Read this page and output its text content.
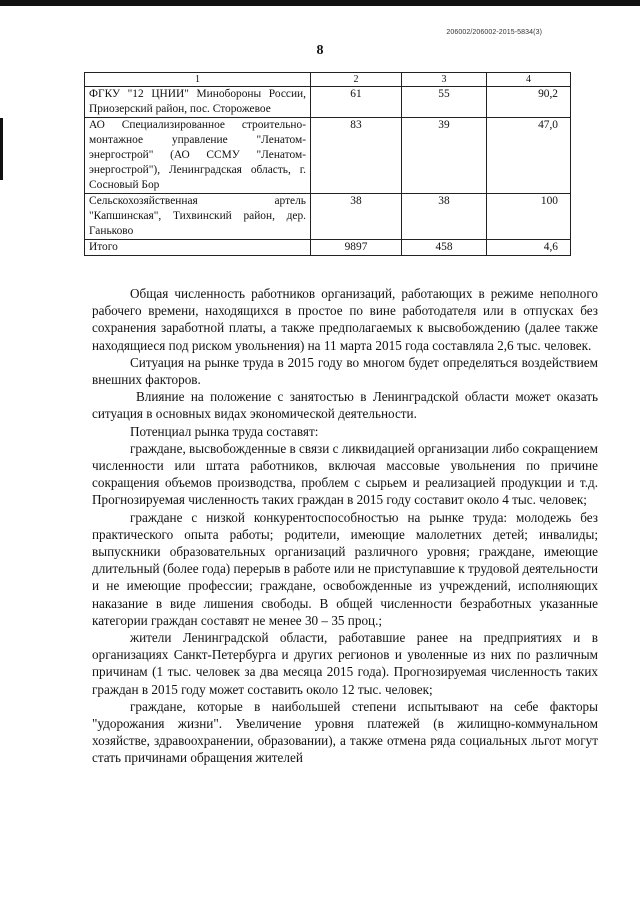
206002/206002-2015-5834(3)
8
1	2	3	4
ФГКУ "12 ЦНИИ" Минобороны России, Приозерский район, пос. Сторожевое	61	55	90,2
АО Специализированное строительно-монтажное управление "Ленатом-энергострой" (АО ССМУ "Ленатом-энергострой"), Ленинградская область, г. Сосновый Бор	83	39	47,0
Сельскохозяйственная артель "Капшинская", Тихвинский район, дер. Ганьково	38	38	100
Итого	9897	458	4,6

Общая численность работников организаций, работающих в режиме неполного рабочего времени, находящихся в простое по вине работодателя или в отпусках без сохранения заработной платы, а также предполагаемых к высвобождению (далее также находящиеся под риском увольнения) на 11 марта 2015 года составляла 2,6 тыс. человек.

Ситуация на рынке труда в 2015 году во многом будет определяться воздействием внешних факторов.

Влияние на положение с занятостью в Ленинградской области может оказать ситуация в основных видах экономической деятельности.

Потенциал рынка труда составят:

граждане, высвобожденные в связи с ликвидацией организации либо сокращением численности или штата работников, включая массовые увольнения по причине сокращения объемов производства, проблем с сырьем и реализацией продукции и т.д. Прогнозируемая численность таких граждан в 2015 году составит около 4 тыс. человек;

граждане с низкой конкурентоспособностью на рынке труда: молодежь без практического опыта работы; родители, имеющие малолетних детей; инвалиды; выпускники образовательных организаций различного уровня; граждане, имеющие длительный (более года) перерыв в работе или не приступавшие к трудовой деятельности и не имеющие профессии; граждане, освобожденные из учреждений, исполняющих наказание в виде лишения свободы. В общей численности безработных указанные категории граждан составят не менее 30 – 35 проц.;

жители Ленинградской области, работавшие ранее на предприятиях и в организациях Санкт-Петербурга и других регионов и уволенные из них по различным причинам (1 тыс. человек за два месяца 2015 года). Прогнозируемая численность таких граждан в 2015 году может составить около 12 тыс. человек;

граждане, которые в наибольшей степени испытывают на себе факторы "удорожания жизни". Увеличение уровня платежей (в жилищно-коммунальном хозяйстве, здравоохранении, образовании), а также отмена ряда социальных льгот могут стать причинами обращения жителей
